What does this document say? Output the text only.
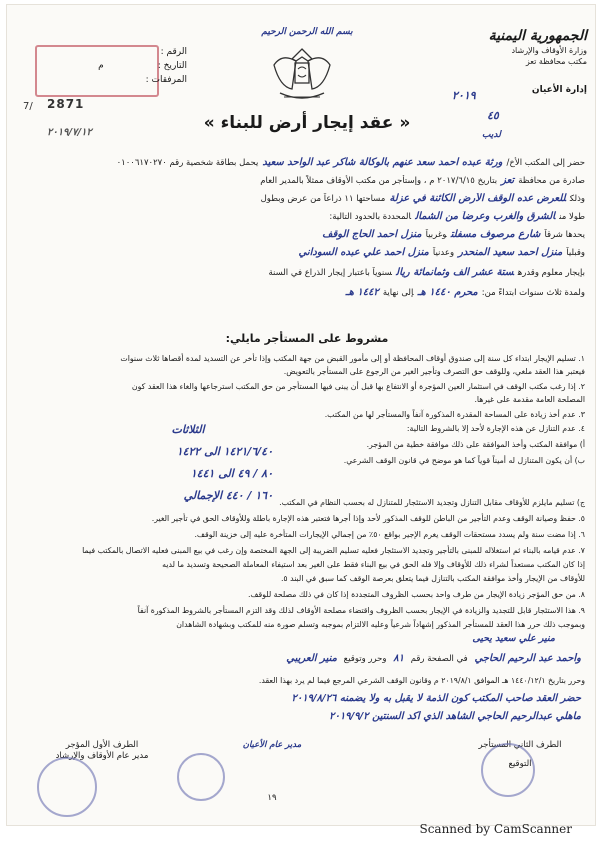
الجمهورية اليمنية
وزارة الأوقاف والإرشاد
مكتب محافظة تعز
إدارة الأعيان
بسم الله الرحمن الرحيم
الرقم :
التاريخ :
م
المرفقات :
2871
7/
٢٠١٩/٧/١٢
٢٠١٩
٤٥
لديب
« عقد إيجار أرض للبناء »
حضر إلى المكتب الأخ/ورثة عبده احمد سعد عنهم بالوكالة شاكر عبد الواحد سعيديحمل بطاقة شخصية رقم ٠١٠٠٦١٧٠٢٧٠
صادرة من محافظةتعزبتاريخ ٢٠١٧/٦/١٥ م ، وإستأجر من مكتب الأوقاف ممثلاً بالمدير العام
وذلكللعرض عده الوقف الأرض الكائنة في عزلةمساحتها ١١ ذراعاً من عرض وبطول
طولا منالشرق والغرب وعرضاً من الشمالالمحددة بالحدود التالية:
يحدها شرقاًشارع مرصوف مسفلتوغربياًمنزل احمد الحاج الوقف
وقبلياًمنزل احمد سعيد المنحدروعدنياًمنزل احمد علي عبده السوداني
بإيجار معلوم وقدرهستة عشر الف وثمانمائة ريالسنوياً باعتبار إيجار الذراع في السنة
ولمدة ثلاث سنوات ابتداءً من:محرم ١٤٤٠ هـإلى نهاية١٤٤٢ هـ
مشروط على المستأجر مايلي:
١. تسليم الإيجار ابتداء كل سنة إلى صندوق أوقاف المحافظة أو إلى مأمور القبض من جهة المكتب وإذا تأخر عن التسديد لمدة أقصاها ثلاث سنوات
فيعتبر هذا العقد ملغي، وللوقف حق التصرف وتأجير الغير من الرجوع على المستأجر بالتعويض.
٢. إذا رغب مكتب الوقف في استثمار العين المؤجرة أو الانتفاع بها قبل أن يبنى فيها المستأجر من حق المكتب استرجاعها والغاء هذا العقد كون
المصلحة العامة مقدمة على غيرها.
٣. عدم أخذ زيادة على المساحة المقدرة المذكورة آنفاً والمستأجر لها من المكتب.
٤. عدم التنازل عن هذه الإجارة لأحد إلا بالشروط التالية:
أ) موافقة المكتب وأخذ الموافقة على ذلك موافقة خطية من المؤجر.
ب) أن يكون المتنازل له أميناً قوياً كما هو موضح في قانون الوقف الشرعي.
ج) تسليم مايلزم للأوقاف مقابل التنازل وتجديد الاستئجار للمتنازل له بحسب النظام في المكتب.
٥. حفظ وصيانة الوقف وعدم التأجير من الباطن للوقف المذكور لأحد وإذا أجرها فتعتبر هذه الإجارة باطلة وللأوقاف الحق في تأجير الغير.
٦. إذا مضت سنة ولم يسدد مستحقات الوقف يغرم الإجير بواقع ٥٠٪ من إجمالي الإيجارات المتأخرة عليه إلى خزينة الوقف.
٧. عدم قيامه بالبناء ثم استغلاله للمبنى بالتأجير وتجديد الاستئجار فعليه تسليم الضريبة إلى الجهة المختصة وإن رغب في بيع المبنى فعليه الاتصال بالمكتب فيما
إذا كان المكتب مستعداً لشراء ذلك للأوقاف وإلا فله الحق في بيع البناء فقط على الغير بعد استيفاء المعاملة الصحيحة وتسديد ما لديه
للأوقاف من الإيجار وأخذ موافقة المكتب بالتنازل فيما يتعلق بعرصة الوقف كما سبق في البند ٥.
٨. من حق المؤجر زيادة الإيجار من طرف واحد بحسب الظروف المتجددة إذا كان في ذلك مصلحة للوقف.
٩. هذا الاستئجار قابل للتجديد والزيادة في الإيجار بحسب الظروف واقتضاء مصلحة الأوقاف لذلك وقد التزم المستأجر بالشروط المذكورة آنفاً
وبموجب ذلك حرر هذا العقد للمستأجر المذكور إشهاداً شرعياً وعليه الالتزام بموجبه وتسلم صورة منه للمكتب وبشهادة الشاهدان
منير علي سعيد يحيى
وحرر بتاريخ ١٤٤٠/١٢/١ هـ الموافق ٢٠١٩/٨/١ م وقانون الوقف الشرعي المرجع فيما لم يرد بهذا العقد.
الثلاثات
١٤٢١/٦/٤٠ الى ١٤٢٢
٨٠ / ٤٩ الى ١٤٤١
١٦٠ / ٤٤٠ الإجمالي
وأحمد عبد الرحيم الحاجي في الصفحة رقم ٨١ وحرر وتوقيع منير العريبي
حضر العقد صاحب المكتب كون الذمة لا يقبل به ولا يضمنه ٢٠١٩/٨/٢٦
ماهلي عبدالرحيم الحاجي الشاهد الذي أكد السنتين ٢٠١٩/٩/٢
الطرف الأول المؤجر
مدير عام الأوقاف والإرشاد
مدير عام الأعيان
١٩
الطرف الثاني المستأجر
التوقيع
Scanned by CamScanner
